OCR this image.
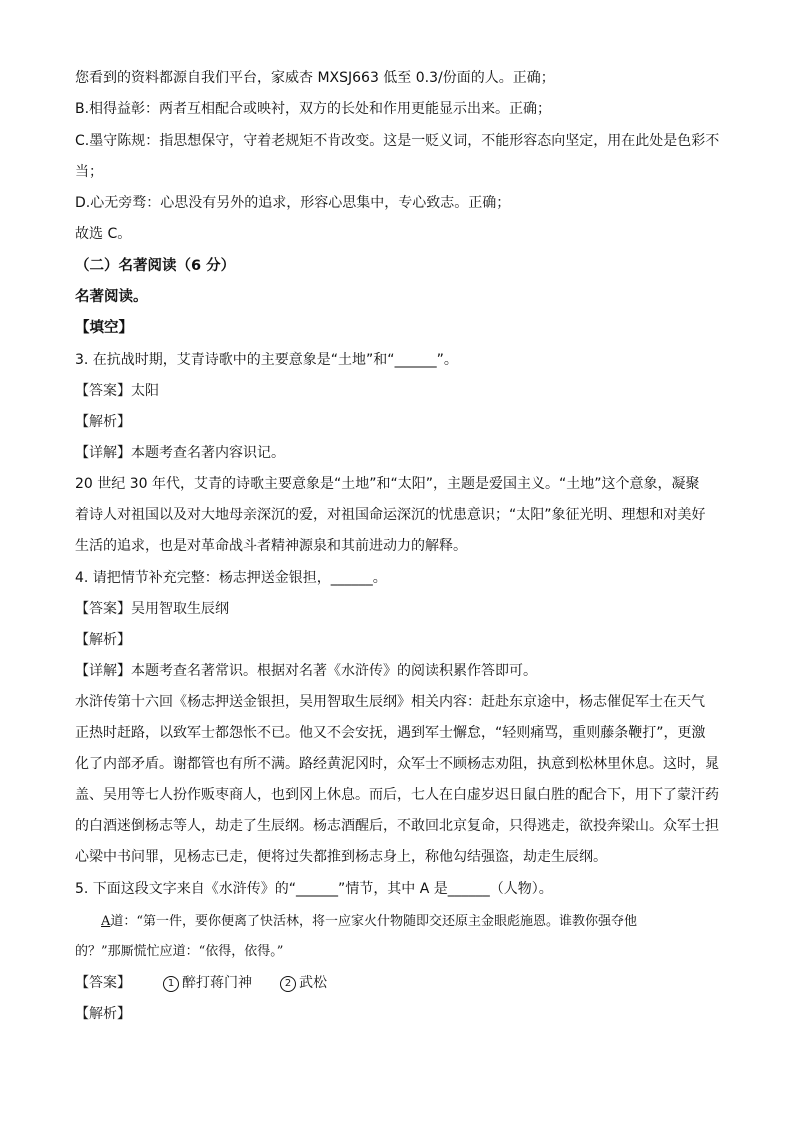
您看到的资料都源自我们平台，家威杏 MXSJ663 低至 0.3/份面的人。正确；
B.相得益彰：两者互相配合或映衬，双方的长处和作用更能显示出来。正确；
C.墨守陈规：指思想保守，守着老规矩不肯改变。这是一贬义词，不能形容态向坚定，用在此处是色彩不
当；
D.心无旁骛：心思没有另外的追求，形容心思集中，专心致志。正确；
故选 C。
（二）名著阅读（6 分）
名著阅读。
【填空】
3. 在抗战时期，艾青诗歌中的主要意象是“土地”和“______”。
【答案】太阳
【解析】
【详解】本题考查名著内容识记。
20 世纪 30 年代，艾青的诗歌主要意象是“土地”和“太阳”，主题是爱国主义。“土地”这个意象，凝聚
着诗人对祖国以及对大地母亲深沉的爱，对祖国命运深沉的忧患意识；“太阳”象征光明、理想和对美好
生活的追求，也是对革命战斗者精神源泉和其前进动力的解释。
4. 请把情节补充完整：杨志押送金银担，______。
【答案】吴用智取生辰纲
【解析】
【详解】本题考查名著常识。根据对名著《水浒传》的阅读积累作答即可。
水浒传第十六回《杨志押送金银担，吴用智取生辰纲》相关内容：赶赴东京途中，杨志催促军士在天气
正热时赶路，以致军士都怨怅不已。他又不会安抚，遇到军士懈怠，“轻则痛骂，重则藤条鞭打”，更激
化了内部矛盾。谢都管也有所不满。路经黄泥冈时，众军士不顾杨志劝阻，执意到松林里休息。这时，晁
盖、吴用等七人扮作贩枣商人，也到冈上休息。而后，七人在白虚岁迟日鼠白胜的配合下，用下了蒙汗药
的白酒迷倒杨志等人，劫走了生辰纲。杨志酒醒后，不敢回北京复命，只得逃走，欲投奔梁山。众军士担
心梁中书问罪，见杨志已走，便将过失都推到杨志身上，称他勾结强盗，劫走生辰纲。
5. 下面这段文字来自《水浒传》的“______”情节，其中 A 是______（人物）。
A道：“第一件，要你便离了快活林，将一应家火什物随即交还原主金眼彪施恩。谁教你强夺他
的？”那厮慌忙应道：“依得，依得。”
【答案】	1 醉打蒋门神	2 武松
【解析】
